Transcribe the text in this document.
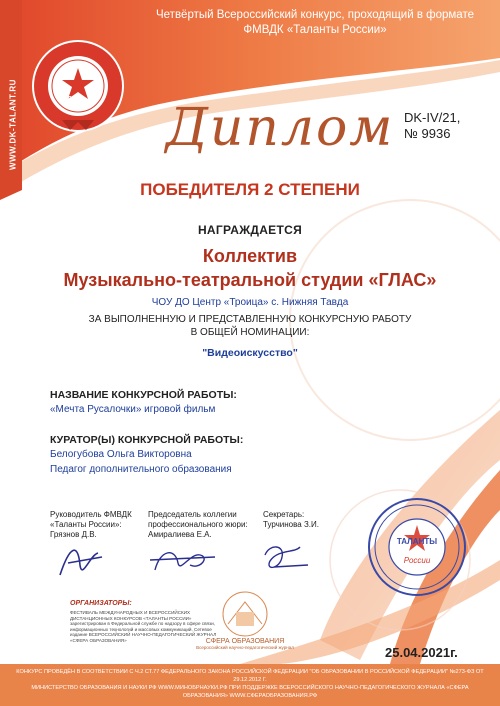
Четвёртый Всероссийский конкурс, проходящий в формате
ФМВДК «Таланты России»
WWW.DK-TALANT.RU	2021 Диплом DK-IV/21,
№ 9936
ПОБЕДИТЕЛЯ 2 СТЕПЕНИ
НАГРАЖДАЕТСЯ
Коллектив
Музыкально-театральной студии «ГЛАС»
ЧОУ ДО Центр «Троица» с. Нижняя Тавда
ЗА ВЫПОЛНЕННУЮ И ПРЕДСТАВЛЕННУЮ КОНКУРСНУЮ РАБОТУ
В ОБЩЕЙ НОМИНАЦИИ:
"Видеоискусство"
НАЗВАНИЕ КОНКУРСНОЙ РАБОТЫ:
«Мечта Русалочки» игровой фильм
КУРАТОР(Ы) КОНКУРСНОЙ РАБОТЫ:
Белогубова Ольга Викторовна
Педагог дополнительного образования
Руководитель ФМВДК
«Таланты России»:
Грязнов Д.В.
Председатель коллегии
профессионального жюри:
Амиралиева Е.А.
Секретарь:
Турчинова З.И.
ТАЛАНТЫ
России
ОРГАНИЗАТОРЫ:
ФЕСТИВАЛЬ МЕЖДУНАРОДНЫХ И ВСЕРОССИЙСКИХ ДИСТАНЦИОННЫХ КОНКУРСОВ «ТАЛАНТЫ РОССИИ» зарегистрирован в Федеральной службе по надзору в сфере связи, информационных технологий и массовых коммуникаций. Сетевое издание ВСЕРОССИЙСКИЙ НАУЧНО-ПЕДАГОГИЧЕСКИЙ ЖУРНАЛ «СФЕРА ОБРАЗОВАНИЯ»	СФЕРА ОБРАЗОВАНИЯ
Всероссийский научно-педагогический журнал	25.04.2021г.
КОНКУРС ПРОВЕДЁН В СООТВЕТСТВИИ С Ч.2 СТ.77 ФЕДЕРАЛЬНОГО ЗАКОНА РОССИЙСКОЙ ФЕДЕРАЦИИ "ОБ ОБРАЗОВАНИИ В РОССИЙСКОЙ ФЕДЕРАЦИИ" №273-ФЗ ОТ 29.12.2012 Г.
МИНИСТЕРСТВО ОБРАЗОВАНИЯ И НАУКИ РФ WWW.МИНОБРНАУКИ.РФ ПРИ ПОДДЕРЖКЕ ВСЕРОССИЙСКОГО НАУЧНО-ПЕДАГОГИЧЕСКОГО ЖУРНАЛА «СФЕРА ОБРАЗОВАНИЯ» WWW.СФЕРАОБРАЗОВАНИЯ.РФ
